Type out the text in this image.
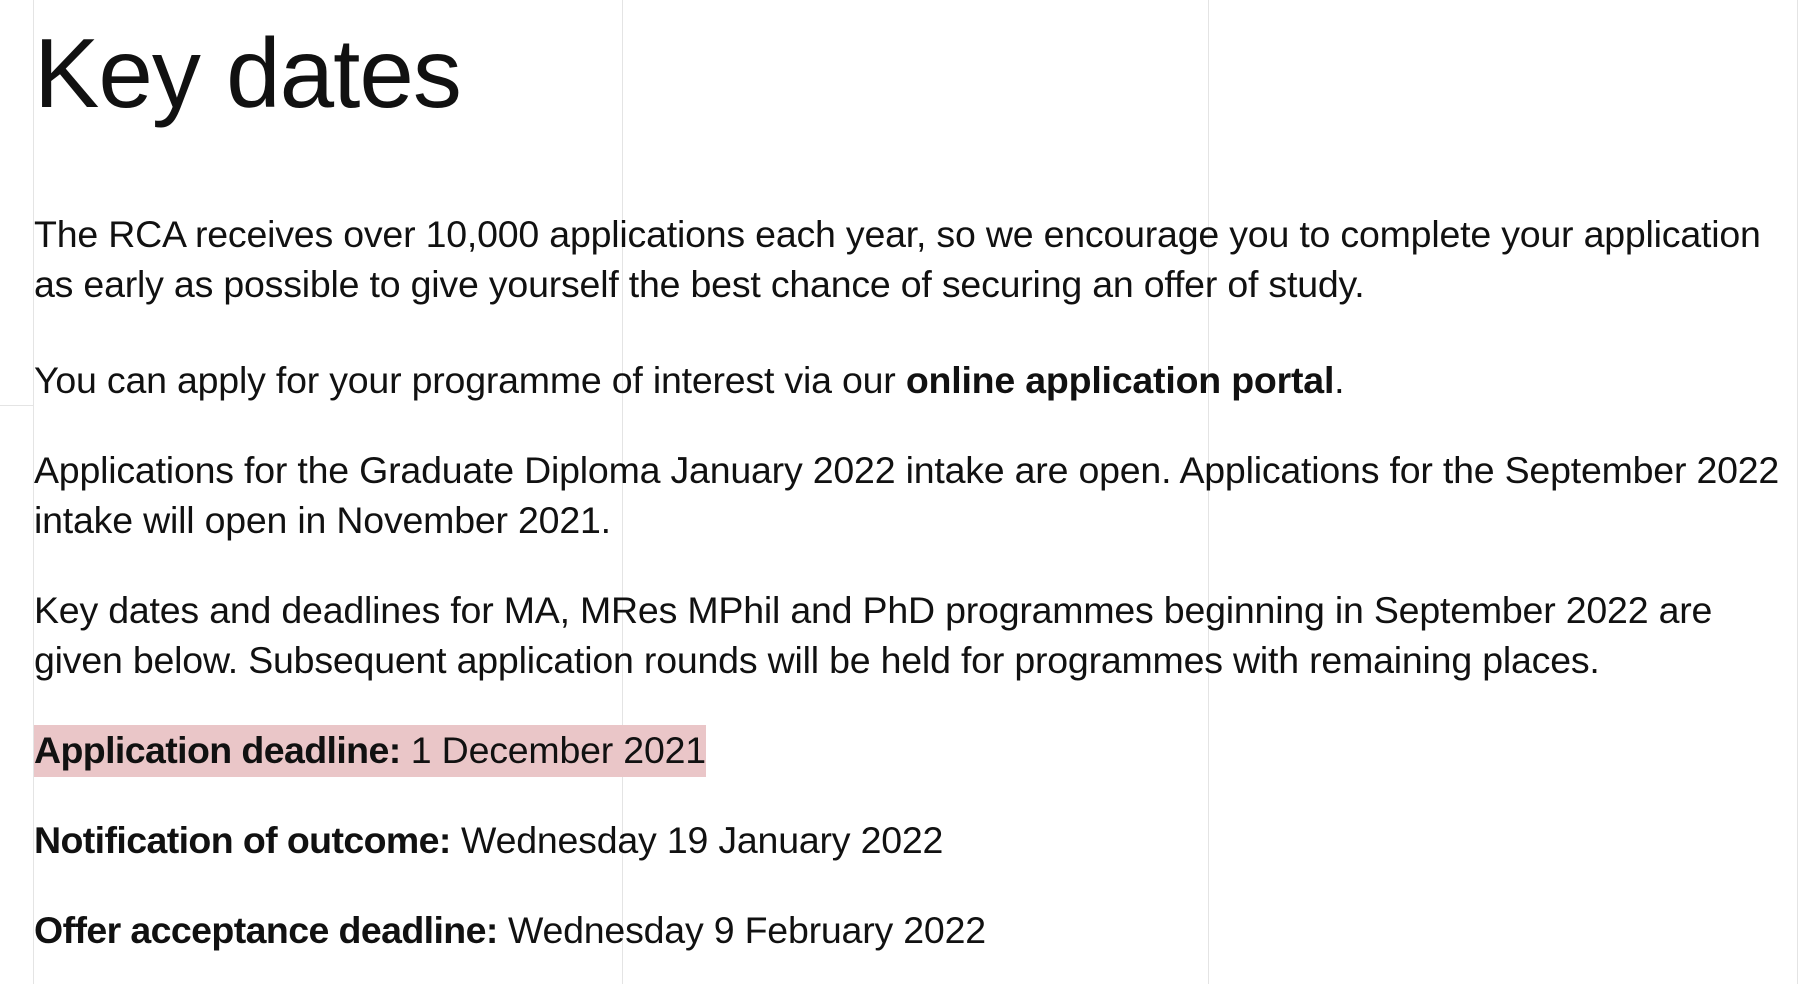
Key dates

The RCA receives over 10,000 applications each year, so we encourage you to complete your application as early as possible to give yourself the best chance of securing an offer of study.

You can apply for your programme of interest via our online application portal.

Applications for the Graduate Diploma January 2022 intake are open. Applications for the September 2022 intake will open in November 2021.

Key dates and deadlines for MA, MRes MPhil and PhD programmes beginning in September 2022 are given below. Subsequent application rounds will be held for programmes with remaining places.

Application deadline: 1 December 2021

Notification of outcome: Wednesday 19 January 2022

Offer acceptance deadline: Wednesday 9 February 2022
